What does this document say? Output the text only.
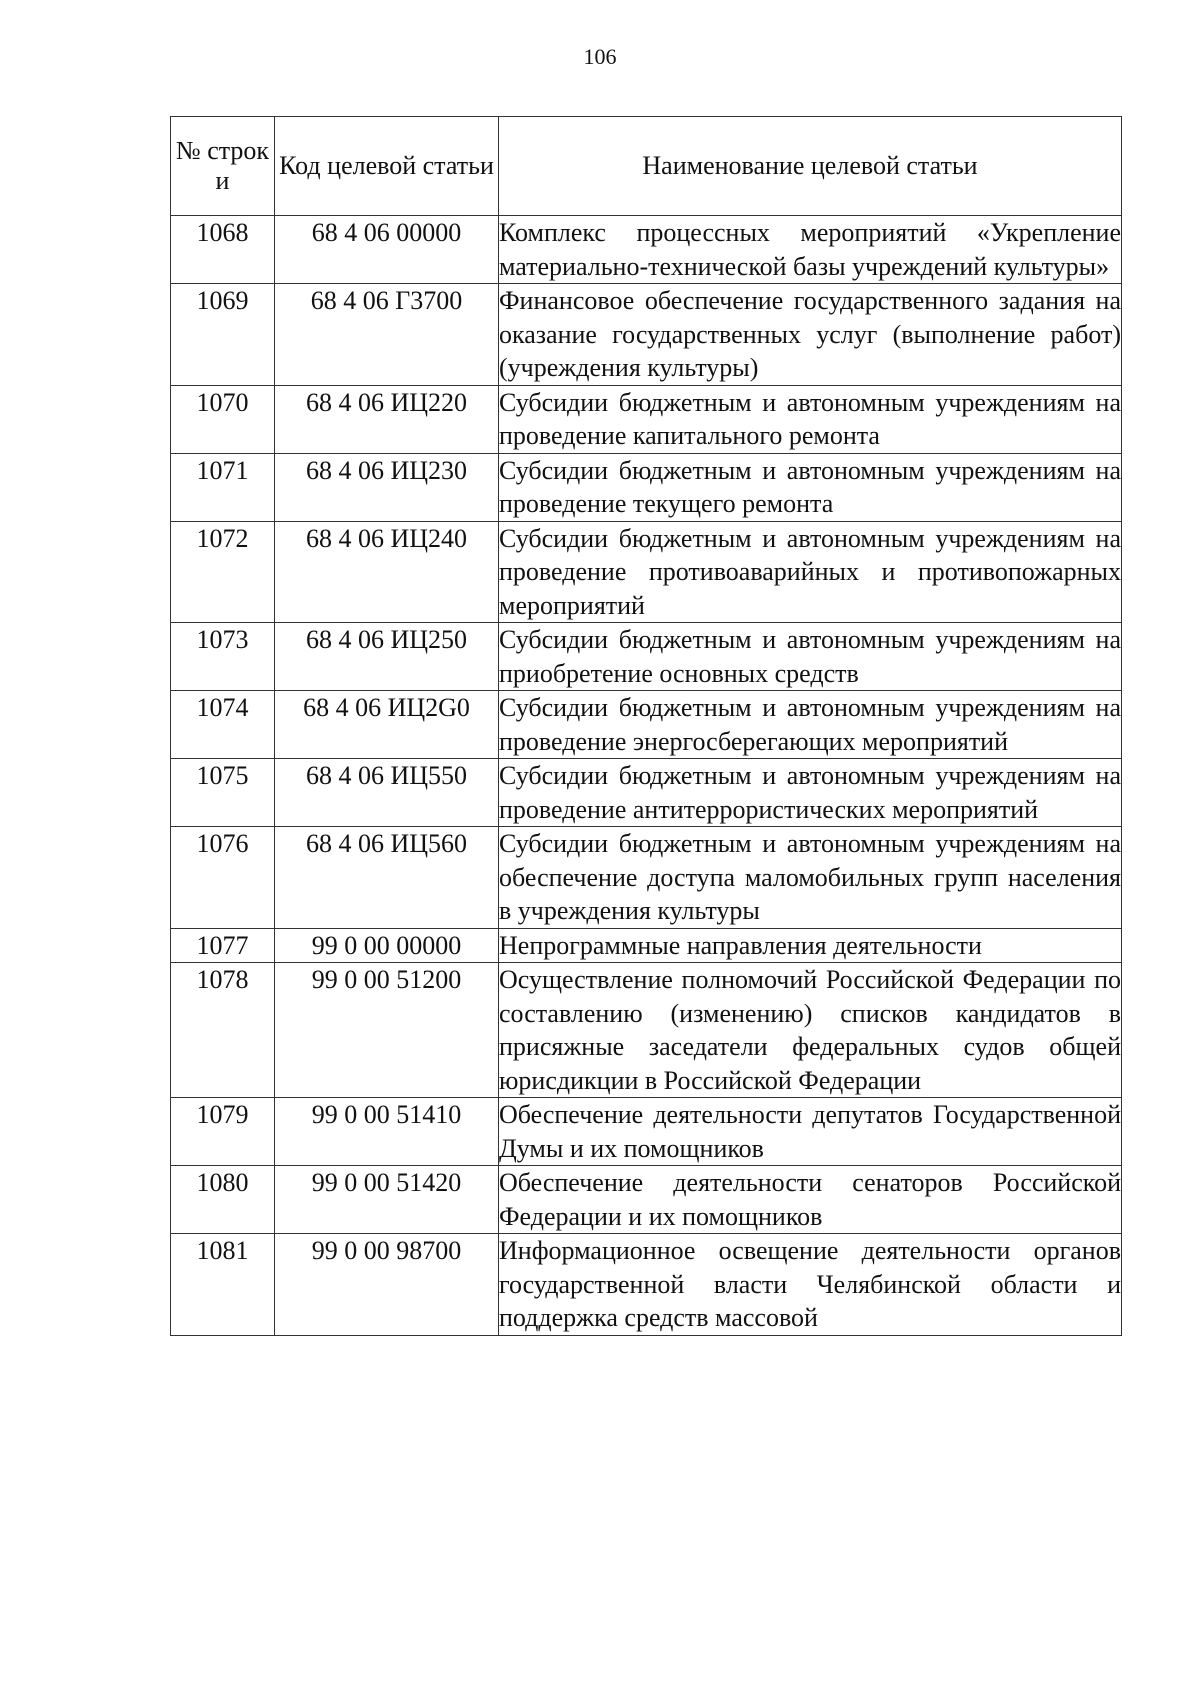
106
№ строк и	Код целевой статьи	Наименование целевой статьи
1068	68 4 06 00000	Комплекс процессных мероприятий «Укрепление материально-технической базы учреждений культуры»
1069	68 4 06 Г3700	Финансовое обеспечение государственного задания на оказание государственных услуг (выполнение работ) (учреждения культуры)
1070	68 4 06 ИЦ220	Субсидии бюджетным и автономным учреждениям на проведение капитального ремонта
1071	68 4 06 ИЦ230	Субсидии бюджетным и автономным учреждениям на проведение текущего ремонта
1072	68 4 06 ИЦ240	Субсидии бюджетным и автономным учреждениям на проведение противоаварийных и противопожарных мероприятий
1073	68 4 06 ИЦ250	Субсидии бюджетным и автономным учреждениям на приобретение основных средств
1074	68 4 06 ИЦ2G0	Субсидии бюджетным и автономным учреждениям на проведение энергосберегающих мероприятий
1075	68 4 06 ИЦ550	Субсидии бюджетным и автономным учреждениям на проведение антитеррористических мероприятий
1076	68 4 06 ИЦ560	Субсидии бюджетным и автономным учреждениям на обеспечение доступа маломобильных групп населения в учреждения культуры
1077	99 0 00 00000	Непрограммные направления деятельности
1078	99 0 00 51200	Осуществление полномочий Российской Федерации по составлению (изменению) списков кандидатов в присяжные заседатели федеральных судов общей юрисдикции в Российской Федерации
1079	99 0 00 51410	Обеспечение деятельности депутатов Государственной Думы и их помощников
1080	99 0 00 51420	Обеспечение деятельности сенаторов Российской Федерации и их помощников
1081	99 0 00 98700	Информационное освещение деятельности органов государственной власти Челябинской области и поддержка средств массовой
